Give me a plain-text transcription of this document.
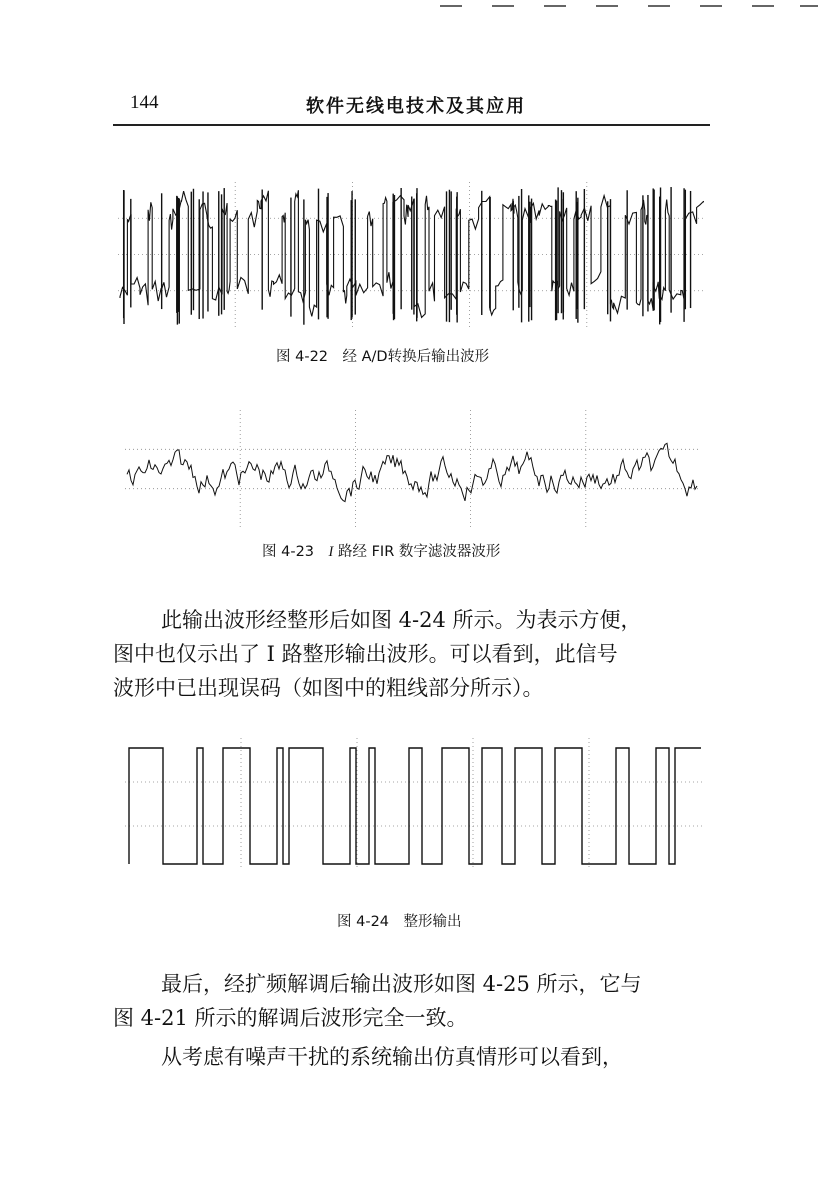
144	软件无线电技术及其应用
图 4-22　经 A/D转换后输出波形
图 4-23　I 路经 FIR 数字滤波器波形

此输出波形经整形后如图 4-24 所示。为表示方便，

图中也仅示出了 I 路整形输出波形。可以看到，此信号

波形中已出现误码（如图中的粗线部分所示）。

图 4-24　整形输出

最后，经扩频解调后输出波形如图 4-25 所示，它与

图 4-21 所示的解调后波形完全一致。

从考虑有噪声干扰的系统输出仿真情形可以看到，
